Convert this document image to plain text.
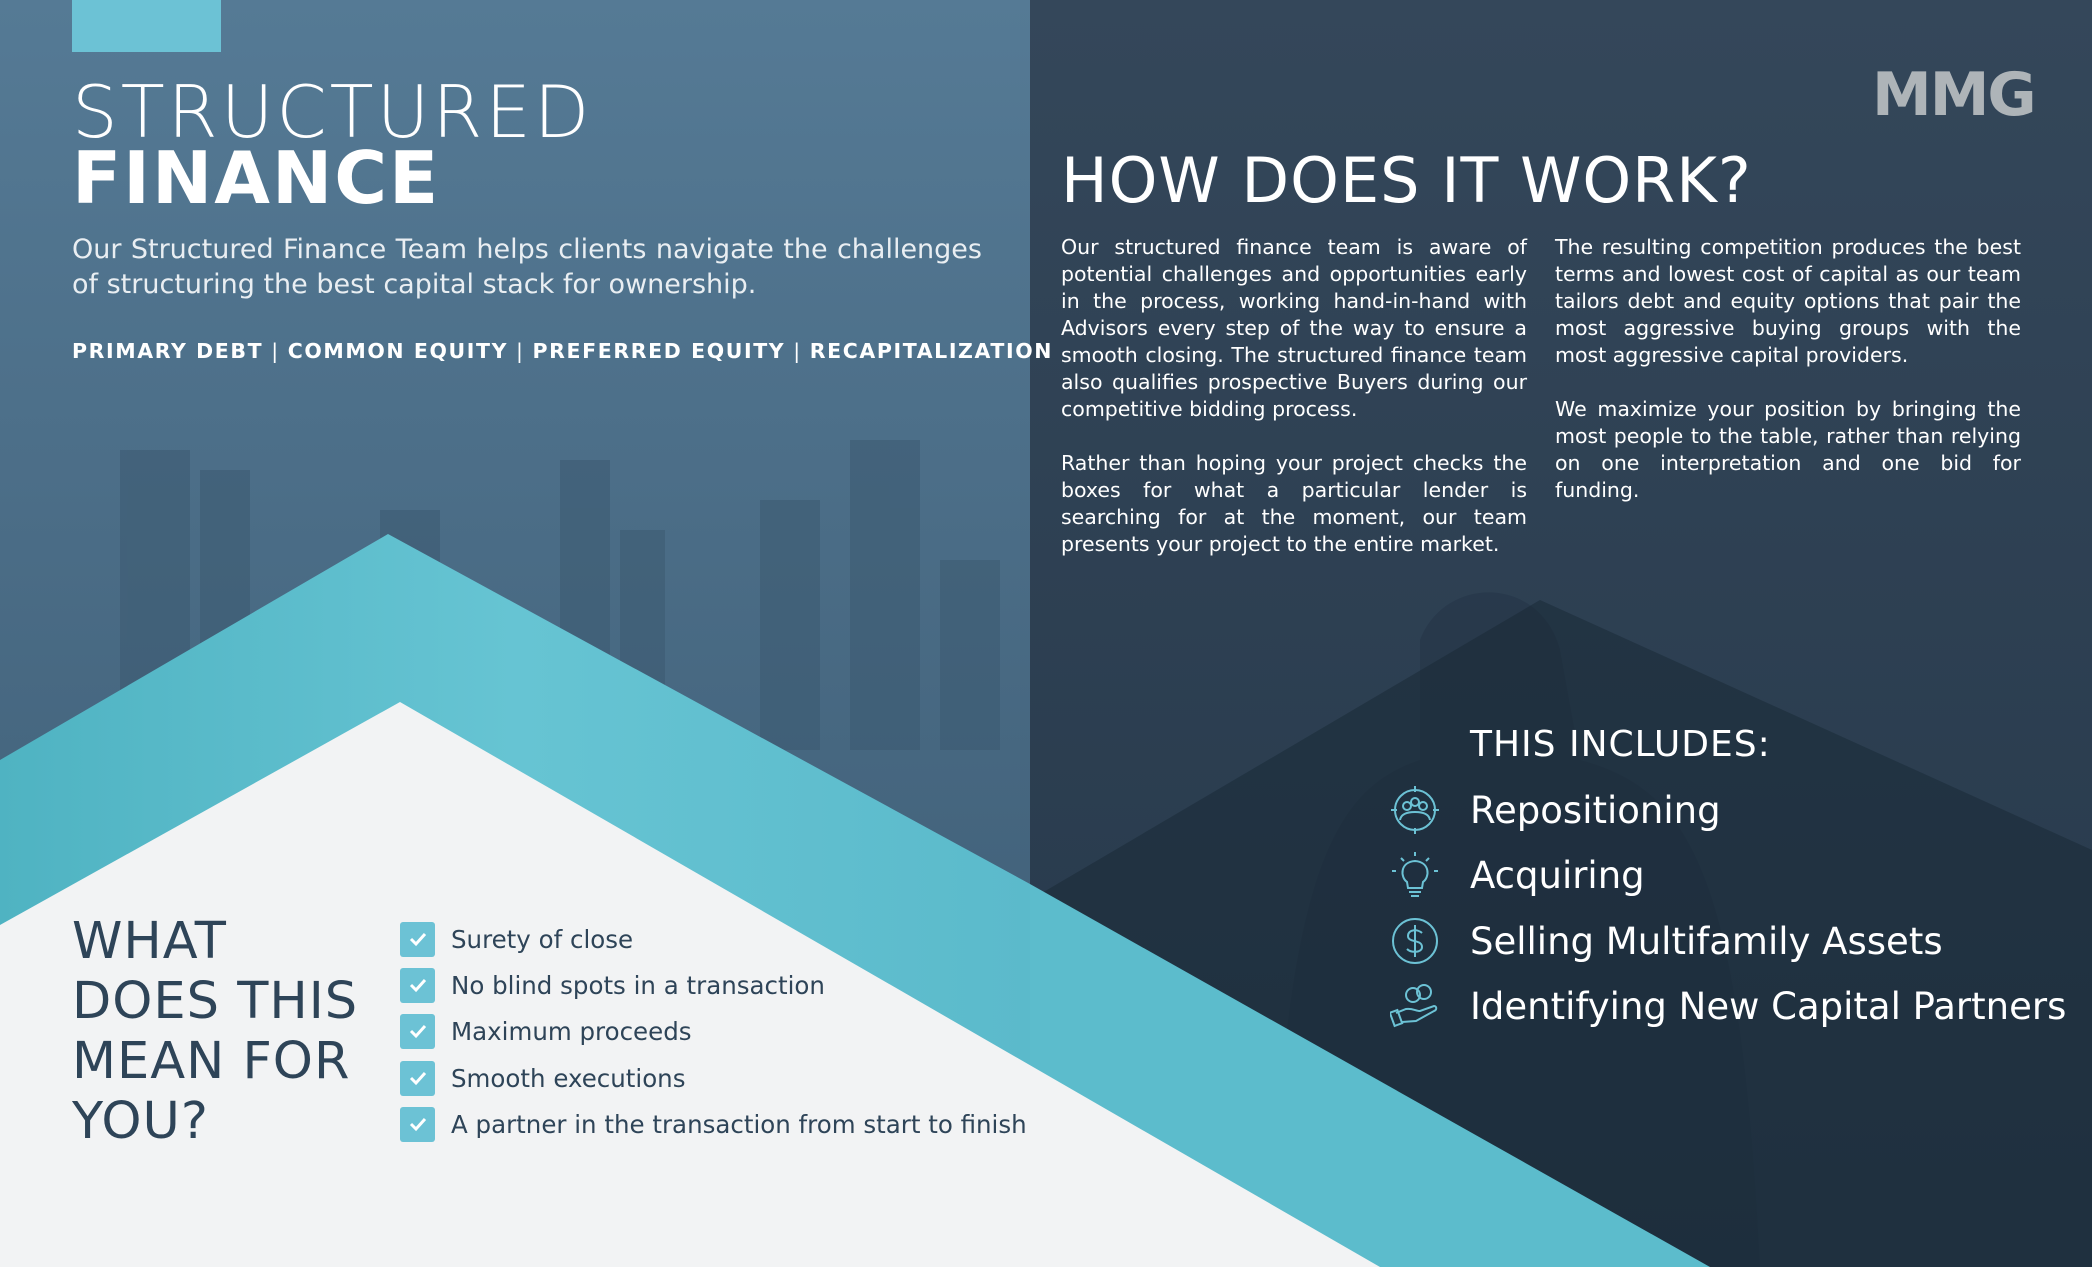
STRUCTURED
FINANCE
Our Structured Finance Team helps clients navigate the challenges of structuring the best capital stack for ownership.
PRIMARY DEBT | COMMON EQUITY | PREFERRED EQUITY | RECAPITALIZATION
MMG
HOW DOES IT WORK?

Our structured finance team is aware of potential challenges and opportunities early in the process, working hand-in-hand with Advisors every step of the way to ensure a smooth closing. The structured finance team also qualifies prospective Buyers during our competitive bidding process.

Rather than hoping your project checks the boxes for what a particular lender is searching for at the moment, our team presents your project to the entire market.

The resulting competition produces the best terms and lowest cost of capital as our team tailors debt and equity options that pair the most aggressive buying groups with the most aggressive capital providers.

We maximize your position by bringing the most people to the table, rather than relying on one interpretation and one bid for funding.

THIS INCLUDES:
Repositioning
Acquiring
Selling Multifamily Assets
Identifying New Capital Partners
WHAT
DOES THIS
MEAN FOR
YOU?
Surety of close
No blind spots in a transaction
Maximum proceeds
Smooth executions
A partner in the transaction from start to finish
